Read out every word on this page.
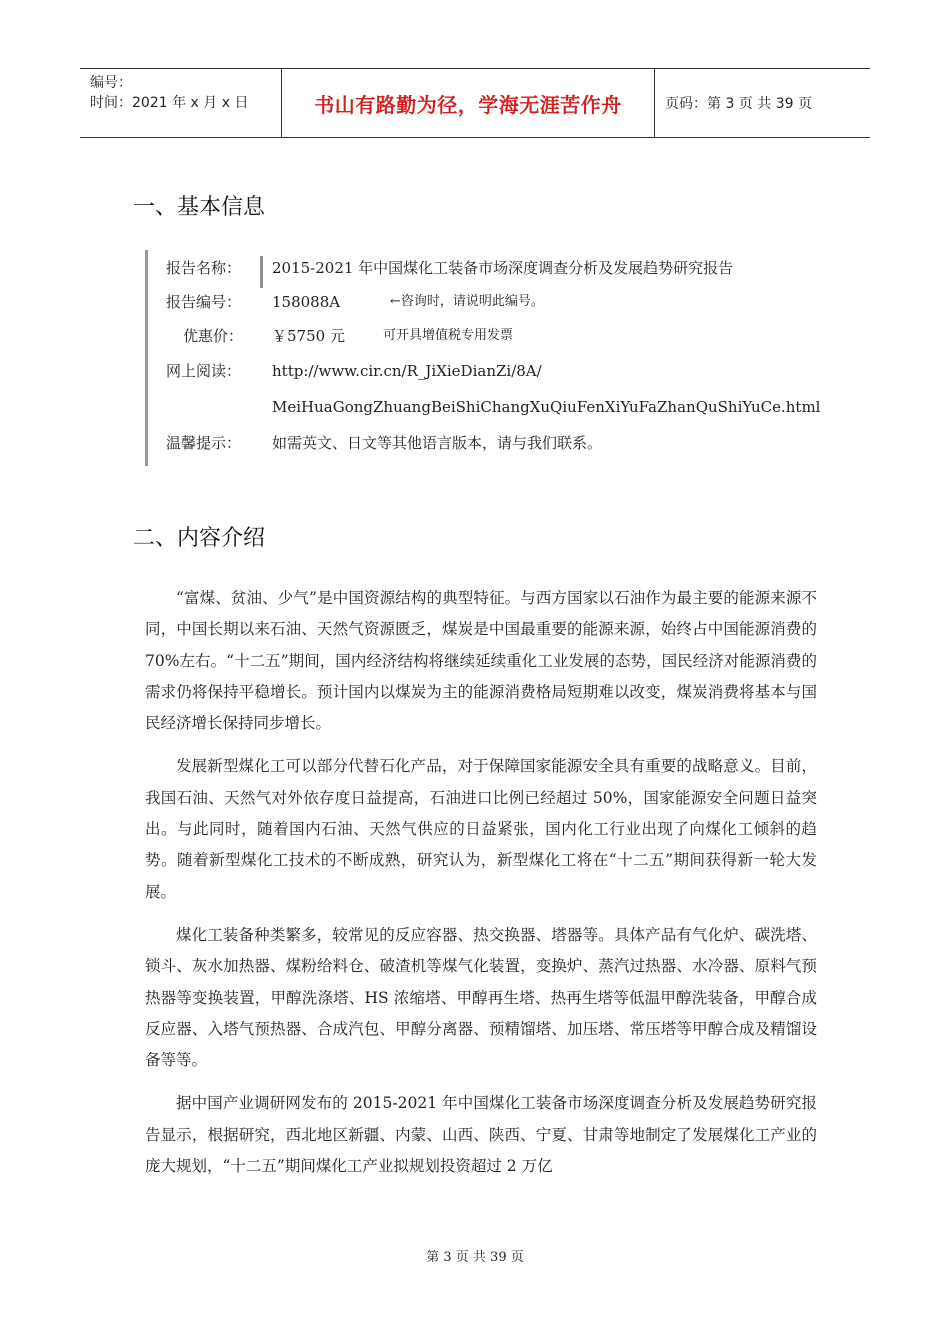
编号：
时间：2021 年 x 月 x 日	书山有路勤为径，学海无涯苦作舟	页码：第 3 页 共 39 页
一、基本信息
报告名称：	2015-2021 年中国煤化工装备市场深度调查分析及发展趋势研究报告
报告编号：	158088A	←咨询时，请说明此编号。
优惠价：	￥5750 元	可开具增值税专用发票
网上阅读：	http://www.cir.cn/R_JiXieDianZi/8A/
MeiHuaGongZhuangBeiShiChangXuQiuFenXiYuFaZhanQuShiYuCe.html
温馨提示：	如需英文、日文等其他语言版本，请与我们联系。
二、内容介绍

“富煤、贫油、少气”是中国资源结构的典型特征。与西方国家以石油作为最主要的能源来源不同，中国长期以来石油、天然气资源匮乏，煤炭是中国最重要的能源来源，始终占中国能源消费的 70%左右。“十二五”期间，国内经济结构将继续延续重化工业发展的态势，国民经济对能源消费的需求仍将保持平稳增长。预计国内以煤炭为主的能源消费格局短期难以改变，煤炭消费将基本与国民经济增长保持同步增长。

发展新型煤化工可以部分代替石化产品，对于保障国家能源安全具有重要的战略意义。目前，我国石油、天然气对外依存度日益提高，石油进口比例已经超过 50%，国家能源安全问题日益突出。与此同时，随着国内石油、天然气供应的日益紧张，国内化工行业出现了向煤化工倾斜的趋势。随着新型煤化工技术的不断成熟，研究认为，新型煤化工将在“十二五”期间获得新一轮大发展。

煤化工装备种类繁多，较常见的反应容器、热交换器、塔器等。具体产品有气化炉、碳洗塔、锁斗、灰水加热器、煤粉给料仓、破渣机等煤气化装置，变换炉、蒸汽过热器、水冷器、原料气预热器等变换装置，甲醇洗涤塔、HS 浓缩塔、甲醇再生塔、热再生塔等低温甲醇洗装备，甲醇合成反应器、入塔气预热器、合成汽包、甲醇分离器、预精馏塔、加压塔、常压塔等甲醇合成及精馏设备等等。

据中国产业调研网发布的 2015-2021 年中国煤化工装备市场深度调查分析及发展趋势研究报告显示，根据研究，西北地区新疆、内蒙、山西、陕西、宁夏、甘肃等地制定了发展煤化工产业的庞大规划，“十二五”期间煤化工产业拟规划投资超过 2 万亿

第 3 页 共 39 页
